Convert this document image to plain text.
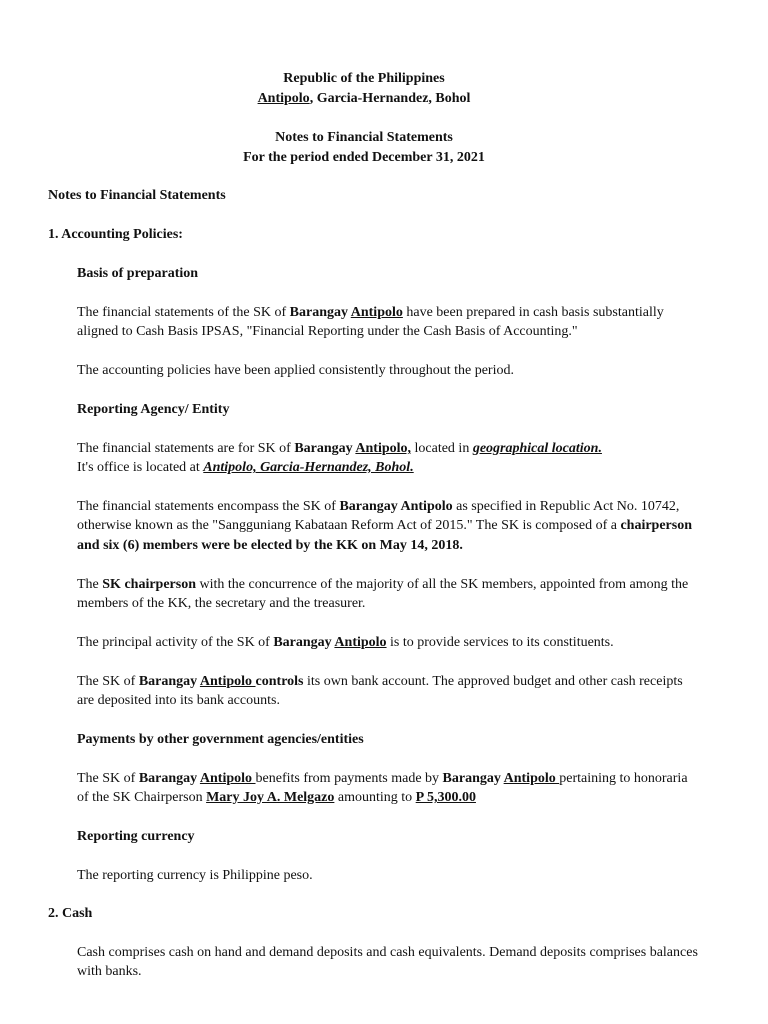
Republic of the Philippines
Antipolo, Garcia-Hernandez, Bohol
Notes to Financial Statements
For the period ended December 31, 2021
Notes to Financial Statements
1. Accounting Policies:
Basis of preparation
The financial statements of the SK of Barangay Antipolo have been prepared in cash basis substantially
aligned to Cash Basis IPSAS, "Financial Reporting under the Cash Basis of Accounting."
The accounting policies have been applied consistently throughout the period.
Reporting Agency/ Entity
The financial statements are for SK of Barangay Antipolo, located in geographical location.
It's office is located at Antipolo, Garcia-Hernandez, Bohol.
The financial statements encompass the SK of Barangay Antipolo as specified in Republic Act No. 10742,
otherwise known as the "Sangguniang Kabataan Reform Act of 2015." The SK is composed of a chairperson
and six (6) members were be elected by the KK on May 14, 2018.
The SK chairperson with the concurrence of the majority of all the SK members, appointed from among the
members of the KK, the secretary and the treasurer.
The principal activity of the SK of Barangay Antipolo is to provide services to its constituents.
The SK of Barangay Antipolo controls its own bank account. The approved budget and other cash receipts
are deposited into its bank accounts.
Payments by other government agencies/entities
The SK of Barangay Antipolo benefits from payments made by Barangay Antipolo pertaining to honoraria
of the SK Chairperson Mary Joy A. Melgazo amounting to P 5,300.00
Reporting currency
The reporting currency is Philippine peso.
2. Cash
Cash comprises cash on hand and demand deposits and cash equivalents. Demand deposits comprises balances
with banks.
